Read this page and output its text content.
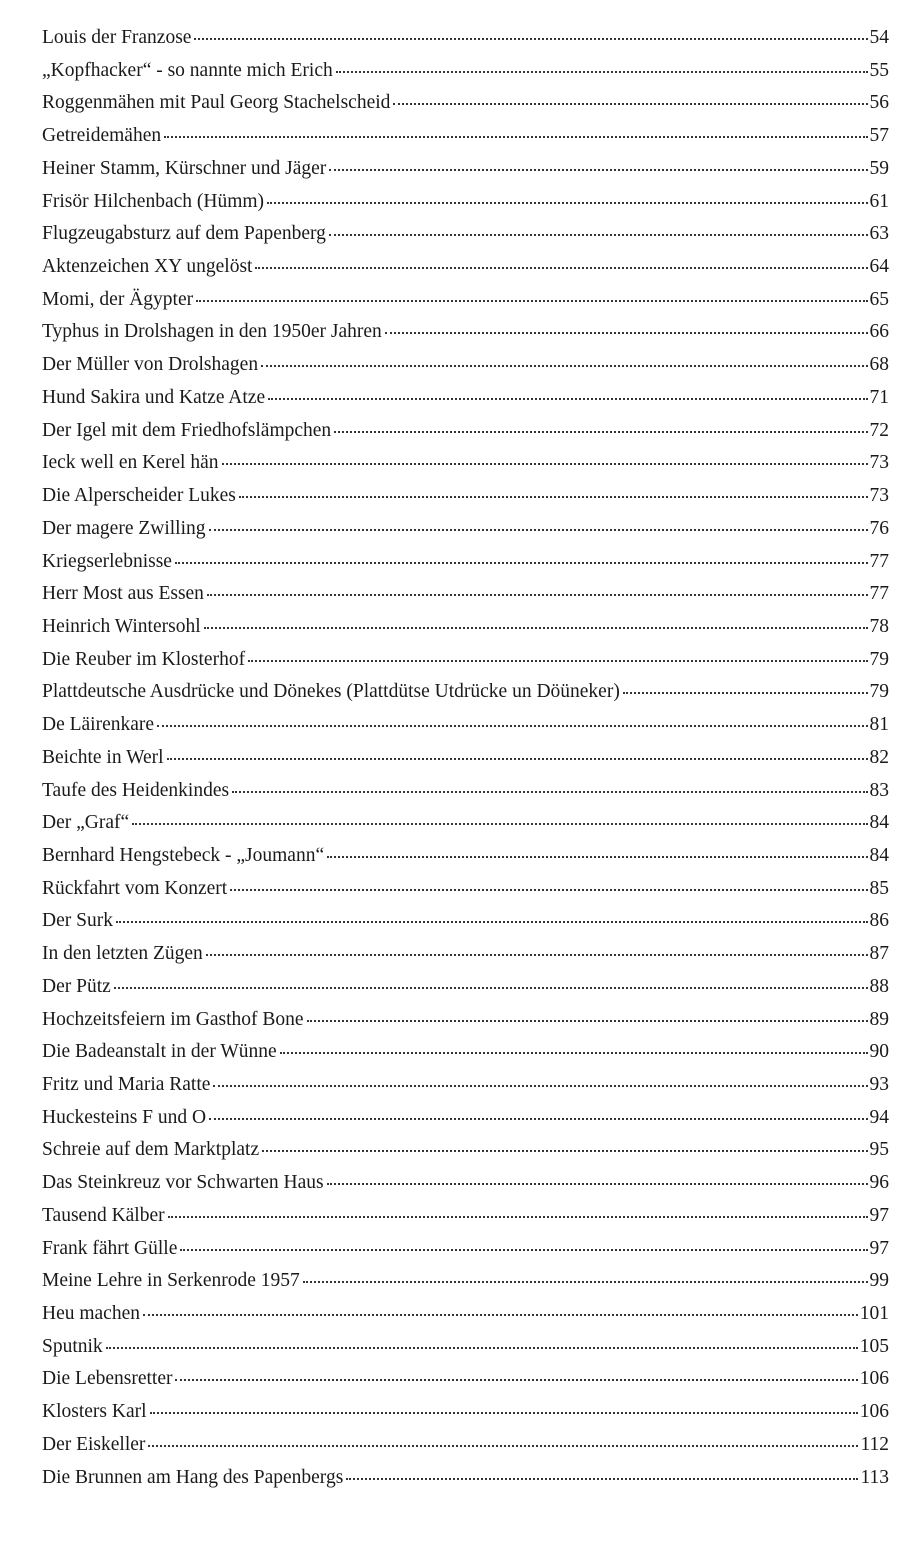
Louis der Franzose	54
„Kopfhacker“ - so nannte mich Erich	55
Roggenmähen mit Paul Georg Stachelscheid	56
Getreidemähen	57
Heiner Stamm, Kürschner und Jäger	59
Frisör Hilchenbach (Hümm)	61
Flugzeugabsturz auf dem Papenberg	63
Aktenzeichen XY ungelöst	64
Momi, der Ägypter	65
Typhus in Drolshagen in den 1950er Jahren	66
Der Müller von Drolshagen	68
Hund Sakira und Katze Atze	71
Der Igel mit dem Friedhofslämpchen	72
Ieck well en Kerel hän	73
Die Alperscheider Lukes	73
Der magere Zwilling	76
Kriegserlebnisse	77
Herr Most aus Essen	77
Heinrich Wintersohl	78
Die Reuber im Klosterhof	79
Plattdeutsche Ausdrücke und Dönekes (Plattdütse Utdrücke un Döüneker)	79
De Läirenkare	81
Beichte in Werl	82
Taufe des Heidenkindes	83
Der „Graf“	84
Bernhard Hengstebeck - „Joumann“	84
Rückfahrt vom Konzert	85
Der Surk	86
In den letzten Zügen	87
Der Pütz	88
Hochzeitsfeiern im Gasthof Bone	89
Die Badeanstalt in der Wünne	90
Fritz und Maria Ratte	93
Huckesteins F und O	94
Schreie auf dem Marktplatz	95
Das Steinkreuz vor Schwarten Haus	96
Tausend Kälber	97
Frank fährt Gülle	97
Meine Lehre in Serkenrode 1957	99
Heu machen	101
Sputnik	105
Die Lebensretter	106
Klosters Karl	106
Der Eiskeller	112
Die Brunnen am Hang des Papenbergs	113
